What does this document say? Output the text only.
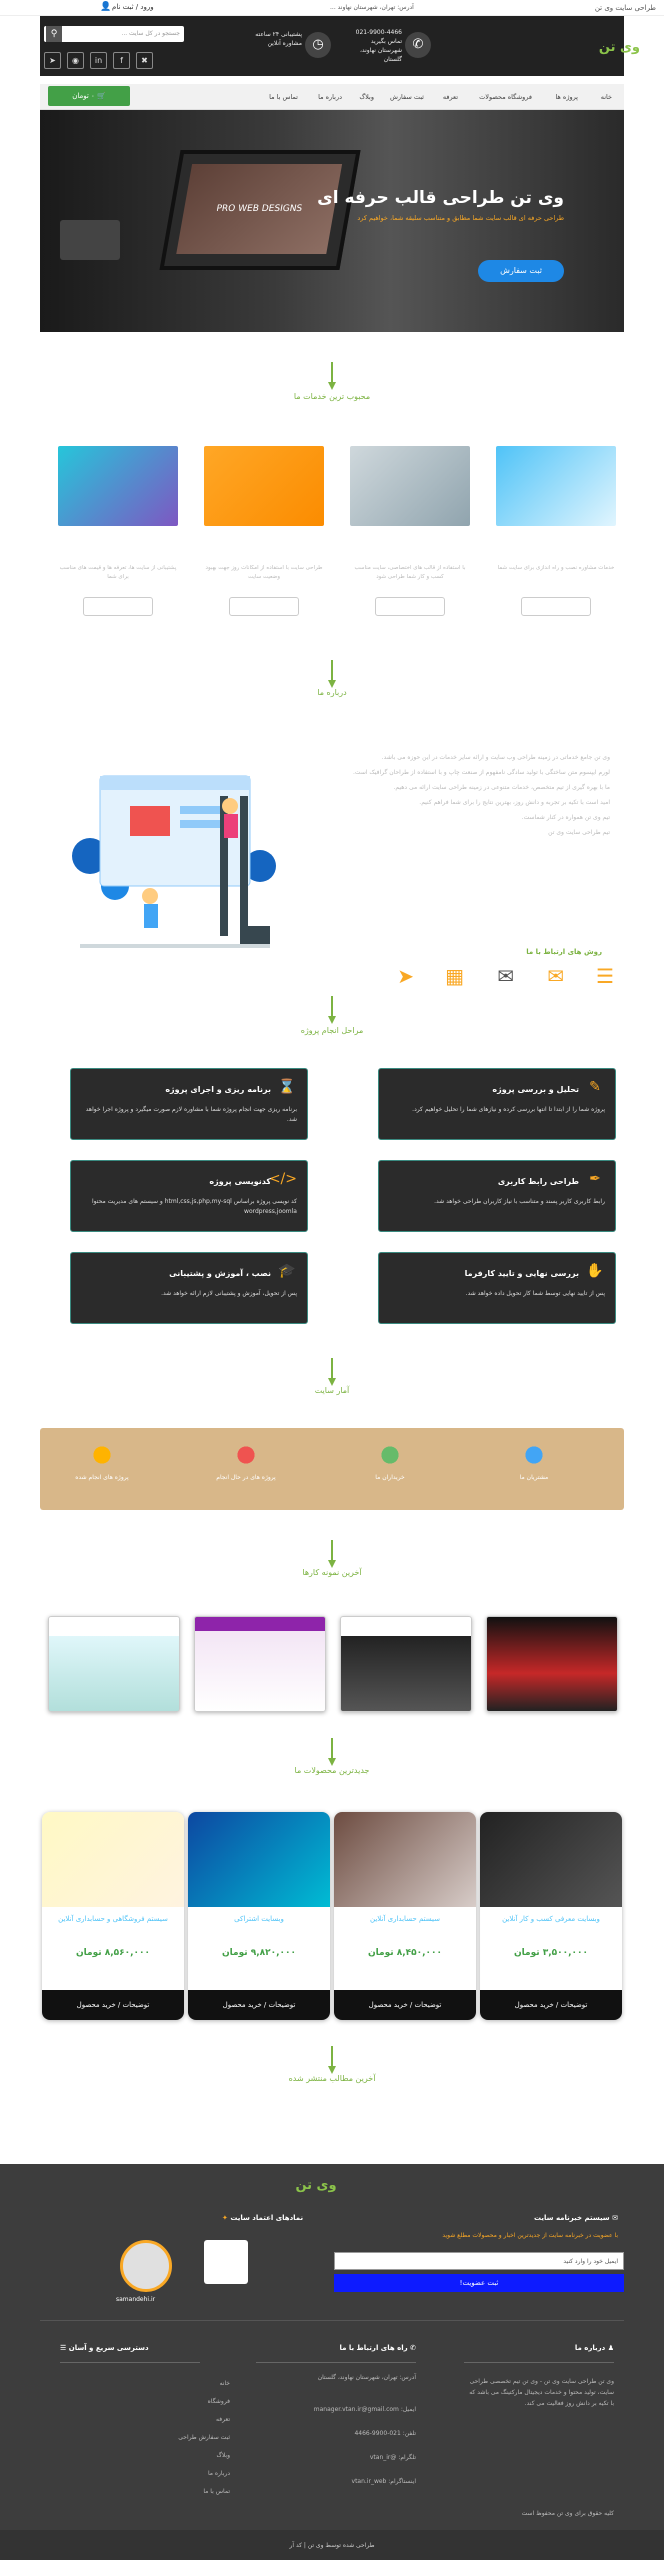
طراحی سایت وی تن
ورود / ثبت نام
👤
⚲	جستجو در کل سایت ...
➤	◉	in	f	✖
◷
پشتیبانی ۲۴ ساعته
مشاوره آنلاین	✆
021-9900-4466
تماس بگیرید
شهرستان نهاوند، گلستان
آدرس: تهران، شهرستان نهاوند ...
وی تن
خانه
پروژه ها
فروشگاه محصولات
تعرفه
ثبت سفارش
وبلاگ
درباره ما
تماس با ما
🛒 ۰ تومان
PRO WEB DESIGNS
وی تن طراحی قالب حرفه ای

طراحی حرفه ای قالب سایت شما مطابق و متناسب سلیقه شما، خواهیم کرد

ثبت سفارش
محبوب ترین خدمات ما
خدمات مشاوره نصب و راه اندازی برای سایت شما
با استفاده از قالب های اختصاصی، سایت مناسب کسب و کار شما طراحی شود
طراحی سایت با استفاده از امکانات روز جهت بهبود وضعیت سایت
پشتیبانی از سایت ها، تعرفه ها و قیمت های مناسب برای شما
درباره ما

وی تن جامع خدماتی در زمینه طراحی وب سایت و ارائه سایر خدمات در این حوزه می باشد.

لورم ایپسوم متن ساختگی با تولید سادگی نامفهوم از صنعت چاپ و با استفاده از طراحان گرافیک است.

ما با بهره گیری از تیم متخصص، خدمات متنوعی در زمینه طراحی سایت ارائه می دهیم.

امید است با تکیه بر تجربه و دانش روز، بهترین نتایج را برای شما فراهم کنیم.

تیم وی تن همواره در کنار شماست.

تیم طراحی سایت وی تن

روش های ارتباط با ما
☰
✉
✉
▦
➤
مراحل انجام پروژه
✎
تحلیل و بررسی پروژه
پروژه شما را از ابتدا تا انتها بررسی کرده و نیازهای شما را تحلیل خواهیم کرد.
⌛
برنامه ریزی و اجرای پروژه
برنامه ریزی جهت انجام پروژه شما با مشاوره لازم صورت میگیرد و پروژه اجرا خواهد شد.
✒
طراحی رابط کاربری
رابط کاربری کاربر پسند و متناسب با نیاز کاربران طراحی خواهد شد.
</>
کدنویسی پروژه
کد نویسی پروژه براساس html,css,js,php,my-sql و سیستم های مدیریت محتوا wordpress,joomla
✋
بررسی نهایی و تایید کارفرما
پس از تایید نهایی توسط شما کار تحویل داده خواهد شد.
🎓
نصب ، آموزش و پشتیبانی
پس از تحویل، آموزش و پشتیبانی لازم ارائه خواهد شد.
آمار سایت
مشتریان ما
خریداران ما
پروژه های در حال انجام
پروژه های انجام شده
آخرین نمونه کارها
جدیدترین محصولات ما
وبسایت معرفی کسب و کار آنلاین
۳,۵۰۰,۰۰۰ تومان
توضیحات / خرید محصول
سیستم حسابداری آنلاین
۸,۴۵۰,۰۰۰ تومان
توضیحات / خرید محصول
وبسایت اشتراکی
۹,۸۲۰,۰۰۰ تومان
توضیحات / خرید محصول
سیستم فروشگاهی و حسابداری آنلاین
۸,۵۶۰,۰۰۰ تومان
توضیحات / خرید محصول
آخرین مطالب منتشر شده
وی تن
✉ سیستم خبرنامه سایت
با عضویت در خبرنامه سایت از جدیدترین اخبار و محصولات مطلع شوید
ایمیل خود را وارد کنید
ثبت عضویت!
نمادهای اعتماد سایت ✦
samandehi.ir
♟ درباره ما
وی تن طراحی سایت وی تن - وی تن تیم تخصصی طراحی سایت، تولید محتوا و خدمات دیجیتال مارکتینگ می باشد که با تکیه بر دانش روز فعالیت می کند.
✆ راه های ارتباط با ما
آدرس: تهران، شهرستان نهاوند، گلستان
ایمیل: manager.vtan.ir@gmail.com
تلفن: 021-9900-4466
تلگرام: @vtan_ir
اینستاگرام: vtan.ir_web
دسترسی سریع و آسان ☰
خانه
فروشگاه
تعرفه
ثبت سفارش طراحی
وبلاگ
درباره ما
تماس با ما
کلیه حقوق برای وی تن محفوظ است
طراحی شده توسط وی تن | کد آر
